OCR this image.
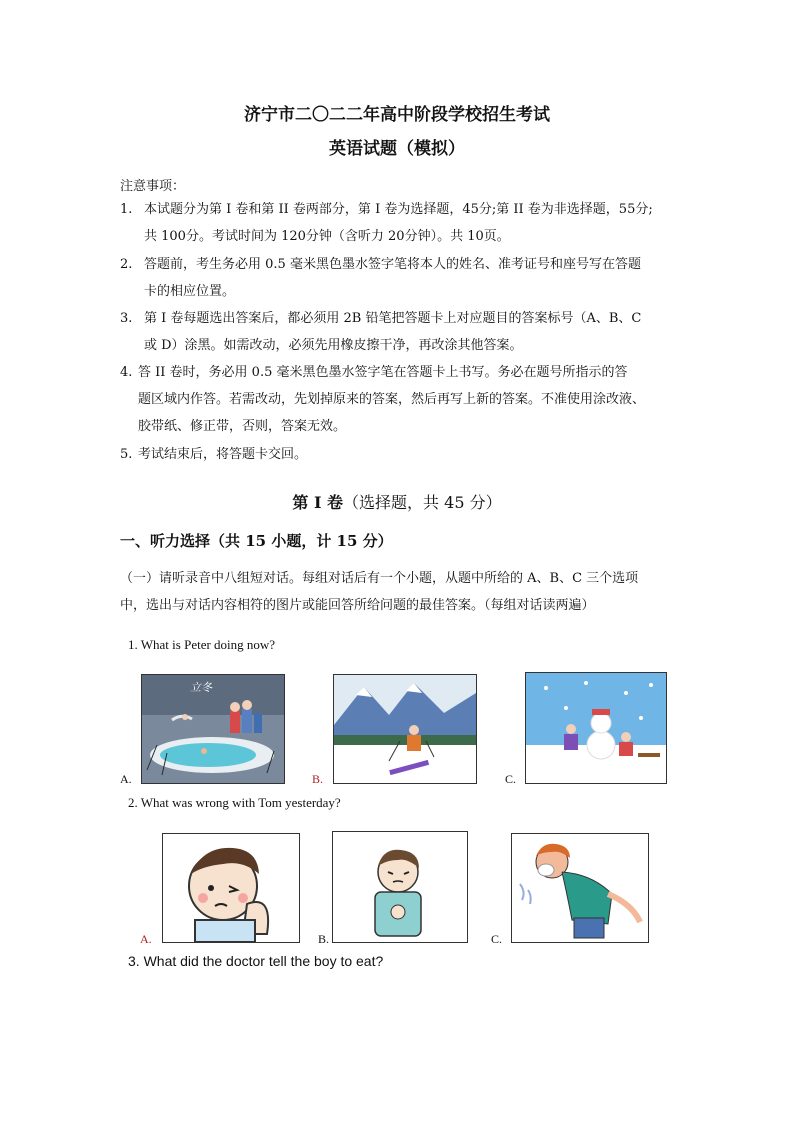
济宁市二〇二二年高中阶段学校招生考试
英语试题（模拟）
注意事项：
1. 本试题分为第 I 卷和第 II 卷两部分，第 I 卷为选择题，45分;第 II 卷为非选择题，55分;
共 100分。考试时间为 120分钟（含听力 20分钟）。共 10页。
2. 答题前，考生务必用 0.5 毫米黑色墨水签字笔将本人的姓名、准考证号和座号写在答题
卡的相应位置。
3. 第 I 卷每题选出答案后，都必须用 2B 铅笔把答题卡上对应题目的答案标号（A、B、C
或 D）涂黑。如需改动，必须先用橡皮擦干净，再改涂其他答案。
4. 答 II 卷时，务必用 0.5 毫米黑色墨水签字笔在答题卡上书写。务必在题号所指示的答
题区域内作答。若需改动，先划掉原来的答案，然后再写上新的答案。不准使用涂改液、
胶带纸、修正带，否则，答案无效。
5. 考试结束后，将答题卡交回。
第 I 卷（选择题，共 45 分）
一、听力选择（共 15 小题，计 15 分）
（一）请听录音中八组短对话。每组对话后有一个小题，从题中所给的 A、B、C 三个选项
中，选出与对话内容相符的图片或能回答所给问题的最佳答案。（每组对话读两遍）
1. What is Peter doing now?
A.
立冬
B.	C.
2. What was wrong with Tom yesterday?
A.	B.	C.
3. What did the doctor tell the boy to eat?
